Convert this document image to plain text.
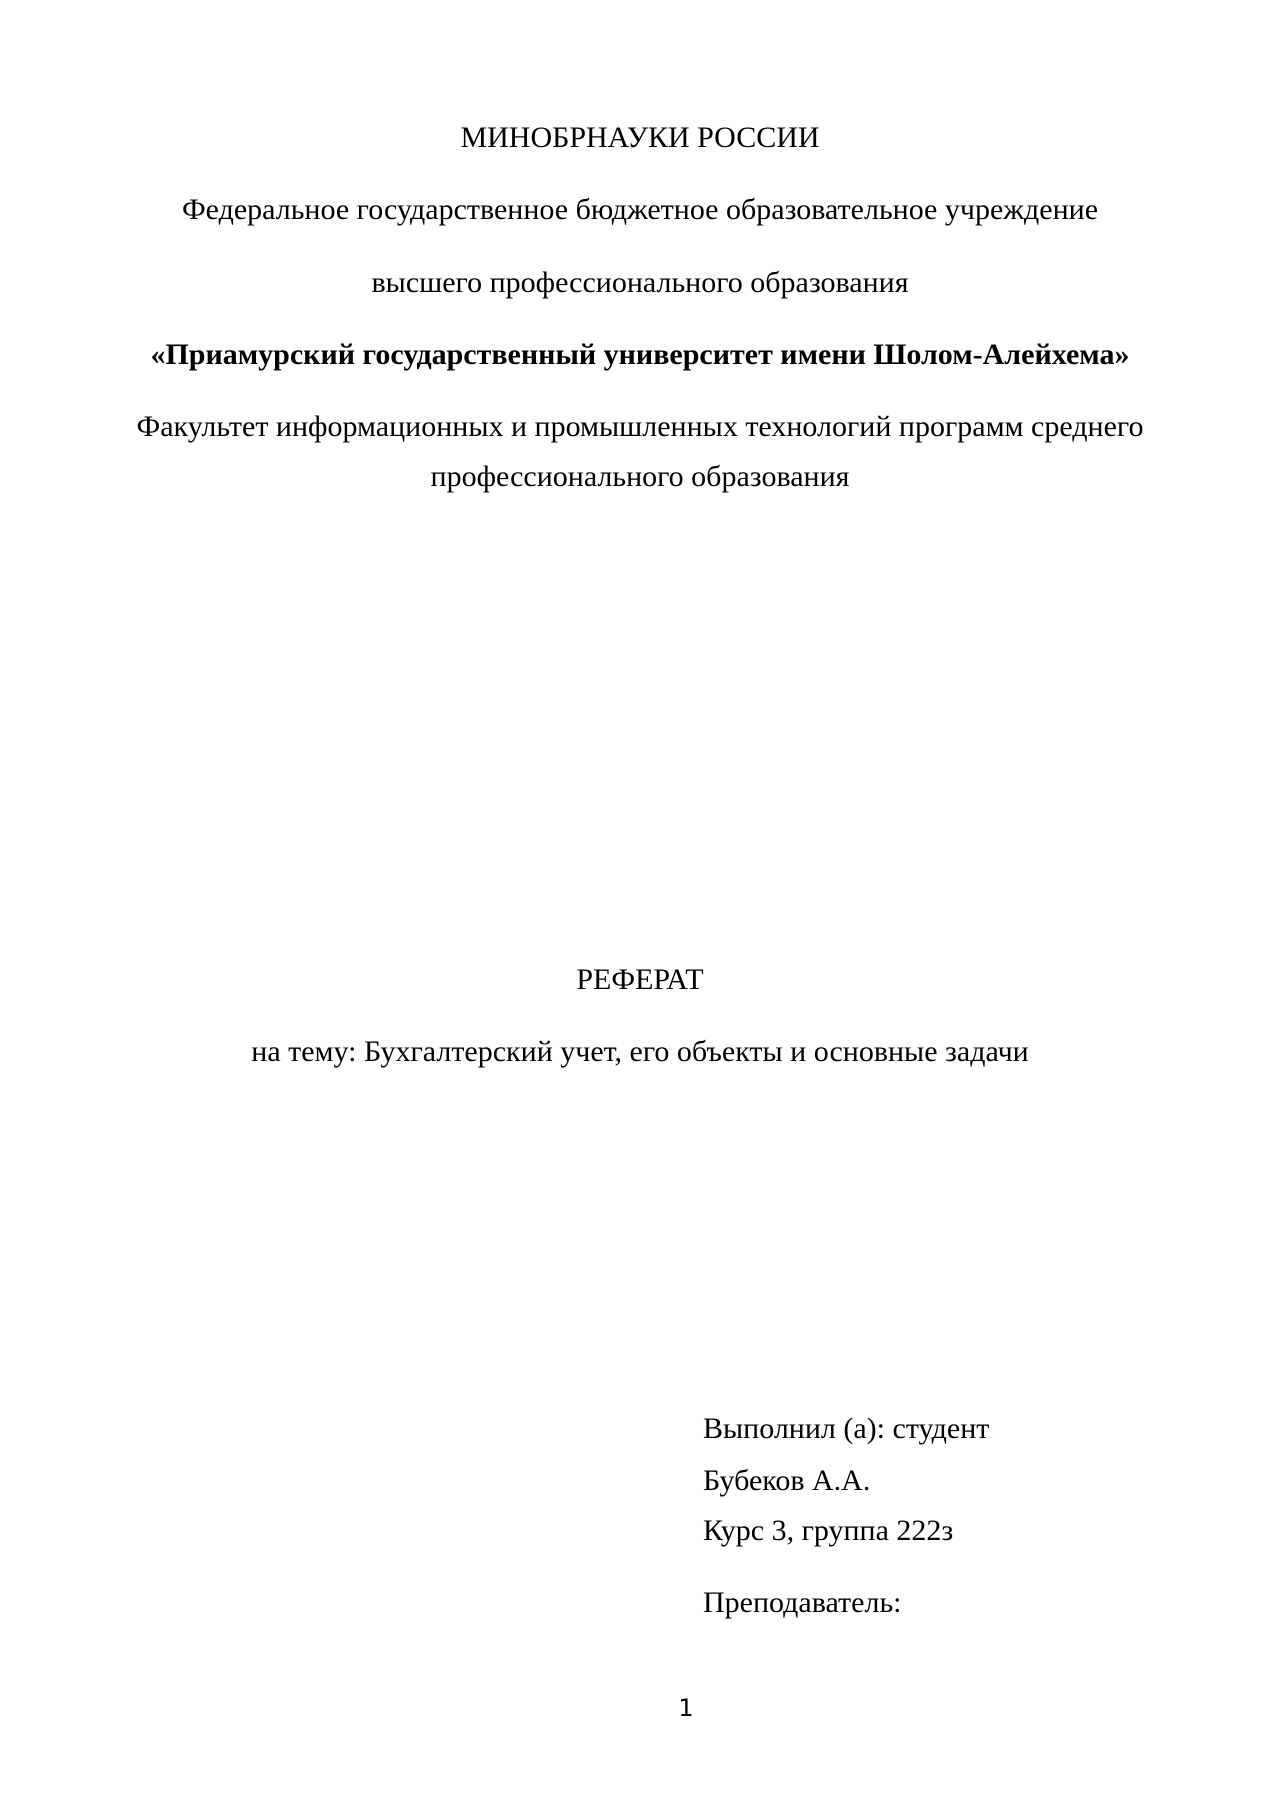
МИНОБРНАУКИ РОССИИ
Федеральное государственное бюджетное образовательное учреждение
высшего профессионального образования
«Приамурский государственный университет имени Шолом-Алейхема»
Факультет информационных и промышленных технологий программ среднего
профессионального образования
РЕФЕРАТ
на тему: Бухгалтерский учет, его объекты и основные задачи
Выполнил (а): студент
Бубеков А.А.
Курс 3, группа 222з
Преподаватель:
1
